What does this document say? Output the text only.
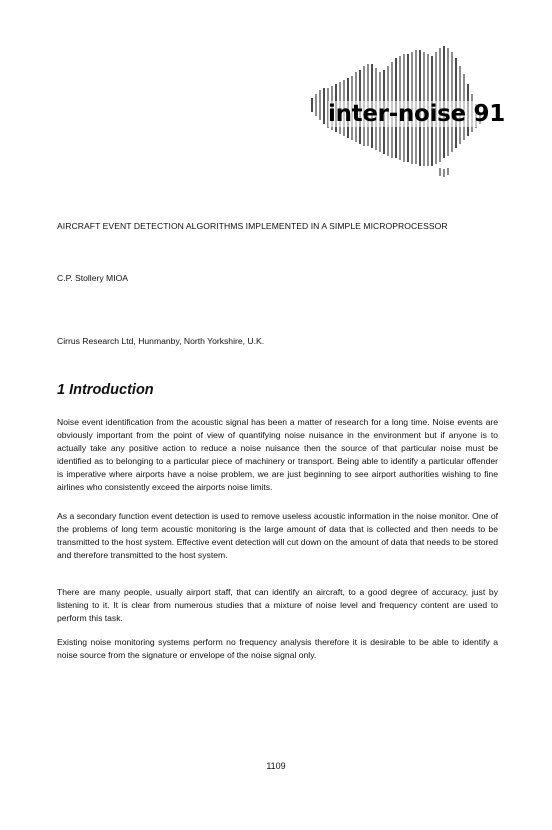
inter-noise 91
AIRCRAFT EVENT DETECTION ALGORITHMS IMPLEMENTED IN A SIMPLE MICROPROCESSOR
C.P. Stollery MIOA
Cirrus Research Ltd, Hunmanby, North Yorkshire, U.K.
1 Introduction

Noise event identification from the acoustic signal has been a matter of research for a long time. Noise events are obviously important from the point of view of quantifying noise nuisance in the environment but if anyone is to actually take any positive action to reduce a noise nuisance then the source of that particular noise must be identified as to belonging to a particular piece of machinery or transport. Being able to identify a particular offender is imperative where airports have a noise problem, we are just beginning to see airport authorities wishing to fine airlines who consistently exceed the airports noise limits.

As a secondary function event detection is used to remove useless acoustic information in the noise monitor. One of the problems of long term acoustic monitoring is the large amount of data that is collected and then needs to be transmitted to the host system. Effective event detection will cut down on the amount of data that needs to be stored and therefore transmitted to the host system.

There are many people, usually airport staff, that can identify an aircraft, to a good degree of accuracy, just by listening to it. It is clear from numerous studies that a mixture of noise level and frequency content are used to perform this task.

Existing noise monitoring systems perform no frequency analysis therefore it is desirable to be able to identify a noise source from the signature or envelope of the noise signal only.

1109
